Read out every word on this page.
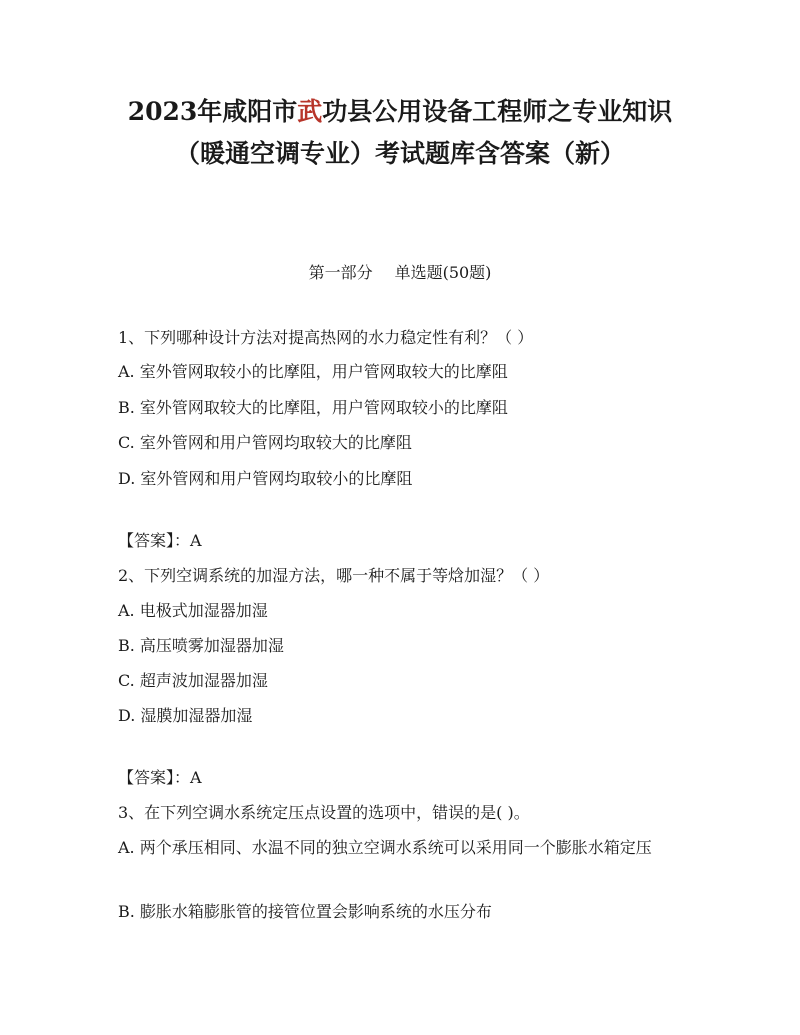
2023年咸阳市武功县公用设备工程师之专业知识
（暖通空调专业）考试题库含答案（新）
第一部分 单选题(50题)
1、下列哪种设计方法对提高热网的水力稳定性有利？（ ）
A. 室外管网取较小的比摩阻，用户管网取较大的比摩阻
B. 室外管网取较大的比摩阻，用户管网取较小的比摩阻
C. 室外管网和用户管网均取较大的比摩阻
D. 室外管网和用户管网均取较小的比摩阻
【答案】：A
2、下列空调系统的加湿方法，哪一种不属于等焓加湿？（ ）
A. 电极式加湿器加湿
B. 高压喷雾加湿器加湿
C. 超声波加湿器加湿
D. 湿膜加湿器加湿
【答案】：A
3、在下列空调水系统定压点设置的选项中，错误的是( )。
A. 两个承压相同、水温不同的独立空调水系统可以采用同一个膨胀水箱定压
B. 膨胀水箱膨胀管的接管位置会影响系统的水压分布
